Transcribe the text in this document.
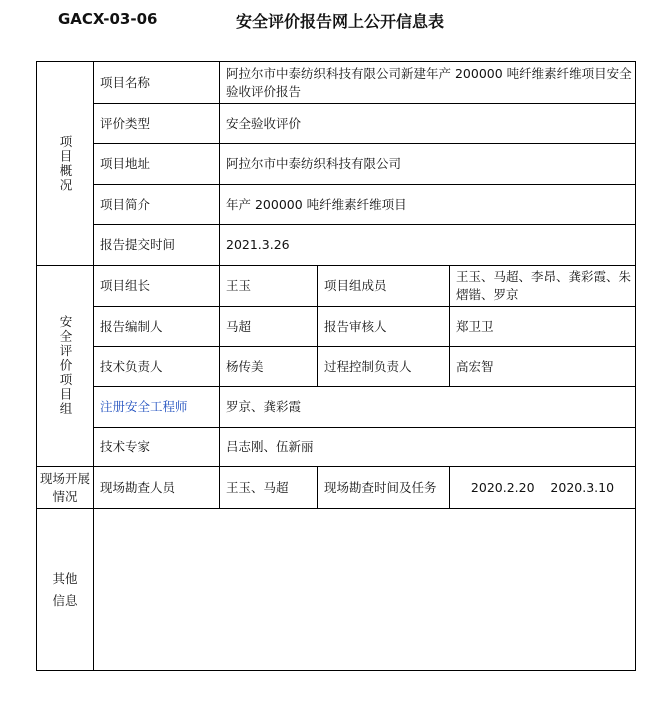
GACX-03-06	安全评价报告网上公开信息表
项目概况	项目名称	阿拉尔市中泰纺织科技有限公司新建年产 200000 吨纤维素纤维项目安全验收评价报告		
	评价类型	安全验收评价		
	项目地址	阿拉尔市中泰纺织科技有限公司		
	项目简介	年产 200000 吨纤维素纤维项目		
	报告提交时间	2021.3.26		

安全评价项目组	项目组长	王玉	项目组成员	王玉、马超、李昂、龚彩霞、朱熠锴、罗京
	报告编制人	马超	报告审核人	郑卫卫
	技术负责人	杨传美	过程控制负责人	高宏智
	注册安全工程师	罗京、龚彩霞		
	技术专家	吕志刚、伍新丽		
现场开展情况	现场勘查人员	王玉、马超	现场勘查时间及任务	2020.2.20    2020.3.10

其他信息				
